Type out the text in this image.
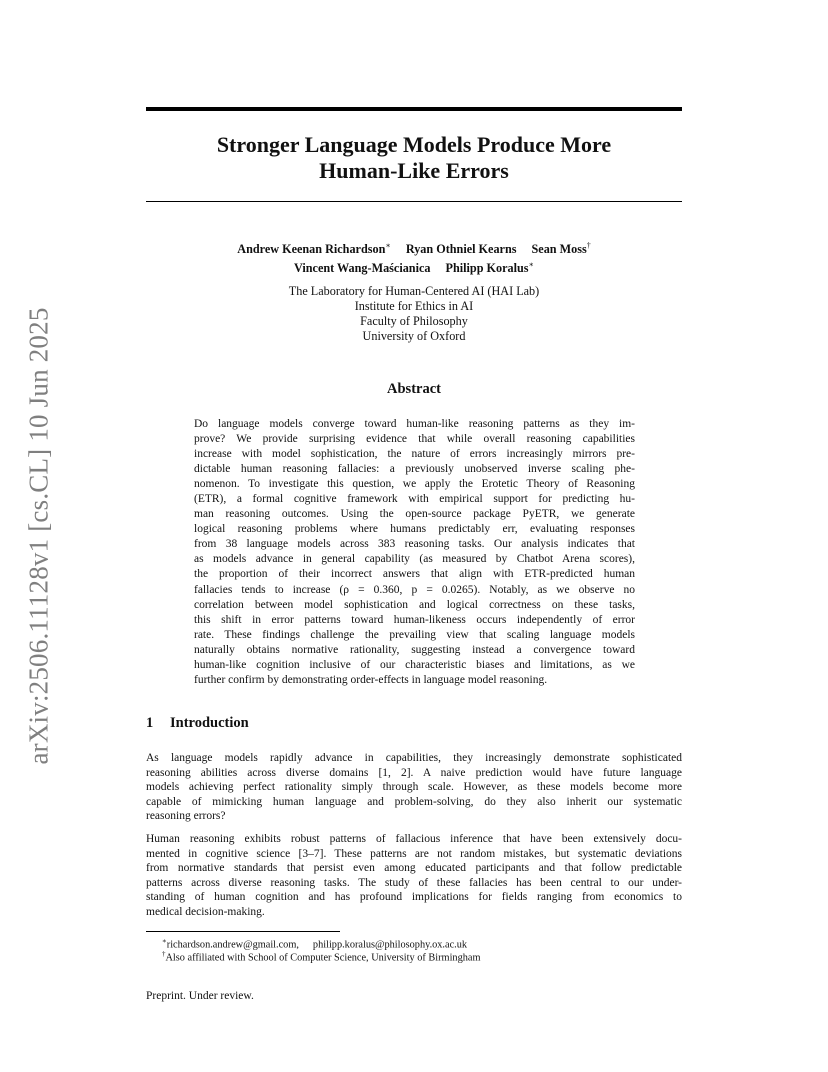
arXiv:2506.11128v1 [cs.CL] 10 Jun 2025
Stronger Language Models Produce More
Human-Like Errors
Andrew Keenan Richardson∗ Ryan Othniel Kearns Sean Moss†
Vincent Wang-Maścianica Philipp Koralus∗
The Laboratory for Human-Centered AI (HAI Lab)
Institute for Ethics in AI
Faculty of Philosophy
University of Oxford
Abstract
Do language models converge toward human-like reasoning patterns as they im-
prove? We provide surprising evidence that while overall reasoning capabilities
increase with model sophistication, the nature of errors increasingly mirrors pre-
dictable human reasoning fallacies: a previously unobserved inverse scaling phe-
nomenon. To investigate this question, we apply the Erotetic Theory of Reasoning
(ETR), a formal cognitive framework with empirical support for predicting hu-
man reasoning outcomes. Using the open-source package PyETR, we generate
logical reasoning problems where humans predictably err, evaluating responses
from 38 language models across 383 reasoning tasks. Our analysis indicates that
as models advance in general capability (as measured by Chatbot Arena scores),
the proportion of their incorrect answers that align with ETR-predicted human
fallacies tends to increase (ρ = 0.360, p = 0.0265). Notably, as we observe no
correlation between model sophistication and logical correctness on these tasks,
this shift in error patterns toward human-likeness occurs independently of error
rate. These findings challenge the prevailing view that scaling language models
naturally obtains normative rationality, suggesting instead a convergence toward
human-like cognition inclusive of our characteristic biases and limitations, as we
further confirm by demonstrating order-effects in language model reasoning.
1 Introduction
As language models rapidly advance in capabilities, they increasingly demonstrate sophisticated
reasoning abilities across diverse domains [1, 2]. A naive prediction would have future language
models achieving perfect rationality simply through scale. However, as these models become more
capable of mimicking human language and problem-solving, do they also inherit our systematic
reasoning errors?
Human reasoning exhibits robust patterns of fallacious inference that have been extensively docu-
mented in cognitive science [3–7]. These patterns are not random mistakes, but systematic deviations
from normative standards that persist even among educated participants and that follow predictable
patterns across diverse reasoning tasks. The study of these fallacies has been central to our under-
standing of human cognition and has profound implications for fields ranging from economics to
medical decision-making.
∗richardson.andrew@gmail.com, philipp.koralus@philosophy.ox.ac.uk
†Also affiliated with School of Computer Science, University of Birmingham
Preprint. Under review.
